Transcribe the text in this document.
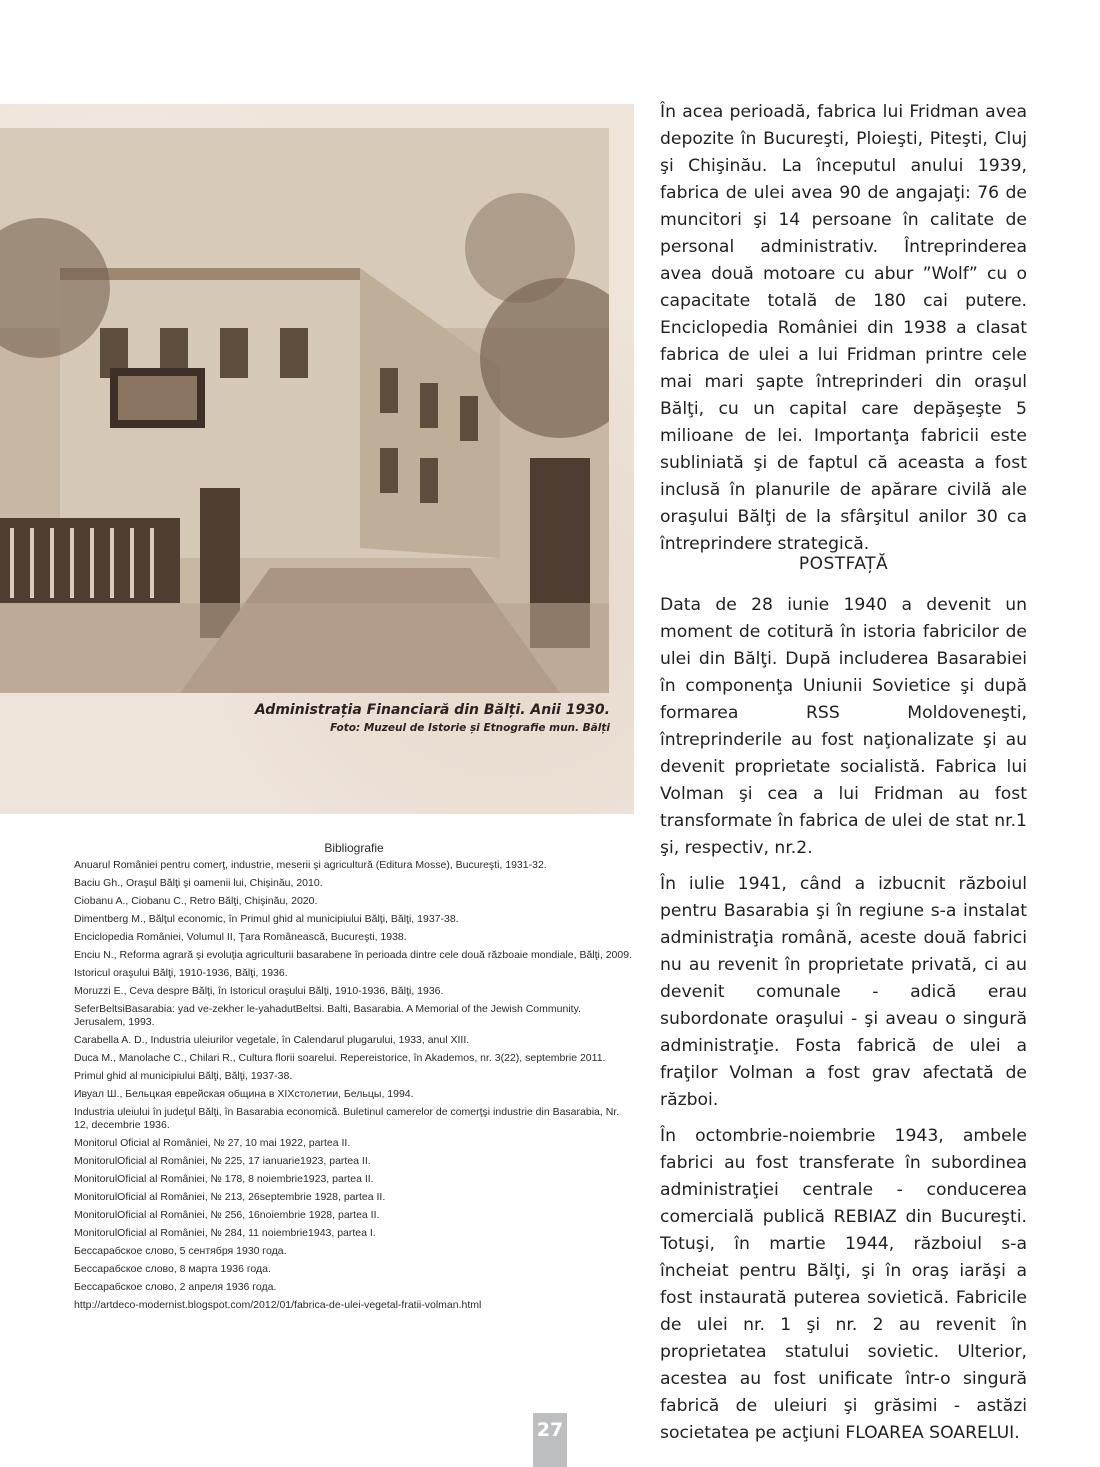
Administrația Financiară din Bălți. Anii 1930.
Foto: Muzeul de Istorie și Etnografie mun. Bălți
Bibliografie
Anuarul României pentru comerţ, industrie, meserii şi agricultură (Editura Mosse), Bucureşti, 1931-32.
Baciu Gh., Oraşul Bălţi şi oamenii lui, Chişinău, 2010.
Ciobanu A., Ciobanu C., Retro Bălţi, Chişinău, 2020.
Dimentberg M., Bălţul economic, în Primul ghid al municipiului Bălţi, Bălţi, 1937-38.
Enciclopedia României, Volumul II, Ţara Românească, Bucureşti, 1938.
Enciu N., Reforma agrară şi evoluţia agriculturii basarabene în perioada dintre cele două războaie mondiale, Bălţi, 2009.
Istoricul oraşului Bălţi, 1910-1936, Bălţi, 1936.
Moruzzi E., Ceva despre Bălţi, în Istoricul oraşului Bălţi, 1910-1936, Bălţi, 1936.
SeferBeltsiBasarabia: yad ve-zekher le-yahadutBeltsi. Balti, Basarabia. A Memorial of the Jewish Community. Jerusalem, 1993.
Carabella A. D., Industria uleiurilor vegetale, în Calendarul plugarului, 1933, anul XIII.
Duca M., Manolache C., Chilari R., Cultura florii soarelui. Repereistorice, în Akademos, nr. 3(22), septembrie 2011.
Primul ghid al municipiului Bălţi, Bălţi, 1937-38.
Ивуал Ш., Бельцкая еврейская община в XIXстолетии, Бельцы, 1994.
Industria uleiului în judeţul Bălţi, în Basarabia economică. Buletinul camerelor de comerţşi industrie din Basarabia, Nr. 12, decembrie 1936.
Monitorul Oficial al României, № 27, 10 mai 1922, partea II.
MonitorulOficial al României, № 225, 17 ianuarie1923, partea II.
MonitorulOficial al României, № 178, 8 noiembrie1923, partea II.
MonitorulOficial al României, № 213, 26septembrie 1928, partea II.
MonitorulOficial al României, № 256, 16noiembrie 1928, partea II.
MonitorulOficial al României, № 284, 11 noiembrie1943, partea I.
Бессарабское слово, 5 сентября 1930 года.
Бессарабское слово, 8 марта 1936 года.
Бессарабское слово, 2 апреля 1936 года.
http://artdeco-modernist.blogspot.com/2012/01/fabrica-de-ulei-vegetal-fratii-volman.html

În acea perioadă, fabrica lui Fridman avea depozite în Bucureşti, Ploieşti, Piteşti, Cluj şi Chişinău. La începutul anului 1939, fabrica de ulei avea 90 de angajaţi: 76 de muncitori şi 14 persoane în calitate de personal administrativ. Întreprinderea avea două motoare cu abur ”Wolf” cu o capacitate totală de 180 cai putere. Enciclopedia României din 1938 a clasat fabrica de ulei a lui Fridman printre cele mai mari şapte întreprinderi din oraşul Bălţi, cu un capital care depăşeşte 5 milioane de lei. Importanţa fabricii este subliniată şi de faptul că aceasta a fost inclusă în planurile de apărare civilă ale oraşului Bălţi de la sfârşitul anilor 30 ca întreprindere strategică.

POSTFAȚĂ

Data de 28 iunie 1940 a devenit un moment de cotitură în istoria fabricilor de ulei din Bălţi. După includerea Basarabiei în componenţa Uniunii Sovietice şi după formarea RSS Moldoveneşti, întreprinderile au fost naţionalizate şi au devenit proprietate socialistă. Fabrica lui Volman şi cea a lui Fridman au fost transformate în fabrica de ulei de stat nr.1 şi, respectiv, nr.2.

În iulie 1941, când a izbucnit războiul pentru Basarabia şi în regiune s-a instalat administraţia română, aceste două fabrici nu au revenit în proprietate privată, ci au devenit comunale - adică erau subordonate oraşului - şi aveau o singură administraţie. Fosta fabrică de ulei a fraţilor Volman a fost grav afectată de război.

În octombrie-noiembrie 1943, ambele fabrici au fost transferate în subordinea administraţiei centrale - conducerea comercială publică REBIAZ din Bucureşti. Totuşi, în martie 1944, războiul s-a încheiat pentru Bălţi, şi în oraş iarăşi a fost instaurată puterea sovietică. Fabricile de ulei nr. 1 şi nr. 2 au revenit în proprietatea statului sovietic. Ulterior, acestea au fost unificate într-o singură fabrică de uleiuri şi grăsimi - astăzi societatea pe acţiuni FLOAREA SOARELUI.

27
